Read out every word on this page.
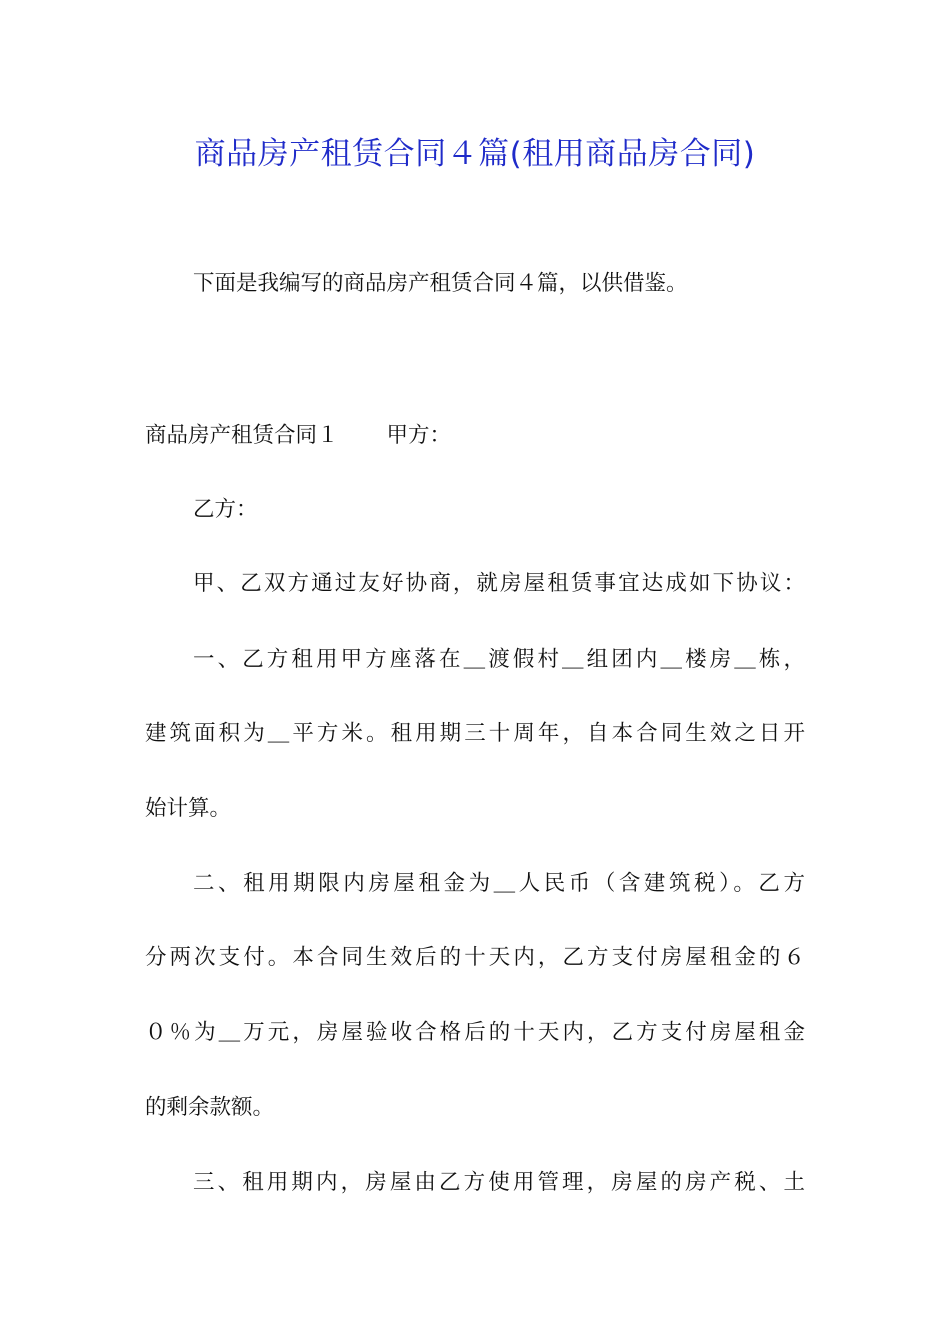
商品房产租赁合同４篇(租用商品房合同)
下面是我编写的商品房产租赁合同４篇，以供借鉴。
商品房产租赁合同１ 甲方：
乙方：
甲、乙双方通过友好协商，就房屋租赁事宜达成如下协议：
一、乙方租用甲方座落在＿渡假村＿组团内＿楼房＿栋，
建筑面积为＿平方米。租用期三十周年，自本合同生效之日开
始计算。
二、租用期限内房屋租金为＿人民币（含建筑税）。乙方
分两次支付。本合同生效后的十天内，乙方支付房屋租金的６
０％为＿万元，房屋验收合格后的十天内，乙方支付房屋租金
的剩余款额。
三、租用期内，房屋由乙方使用管理，房屋的房产税、土
